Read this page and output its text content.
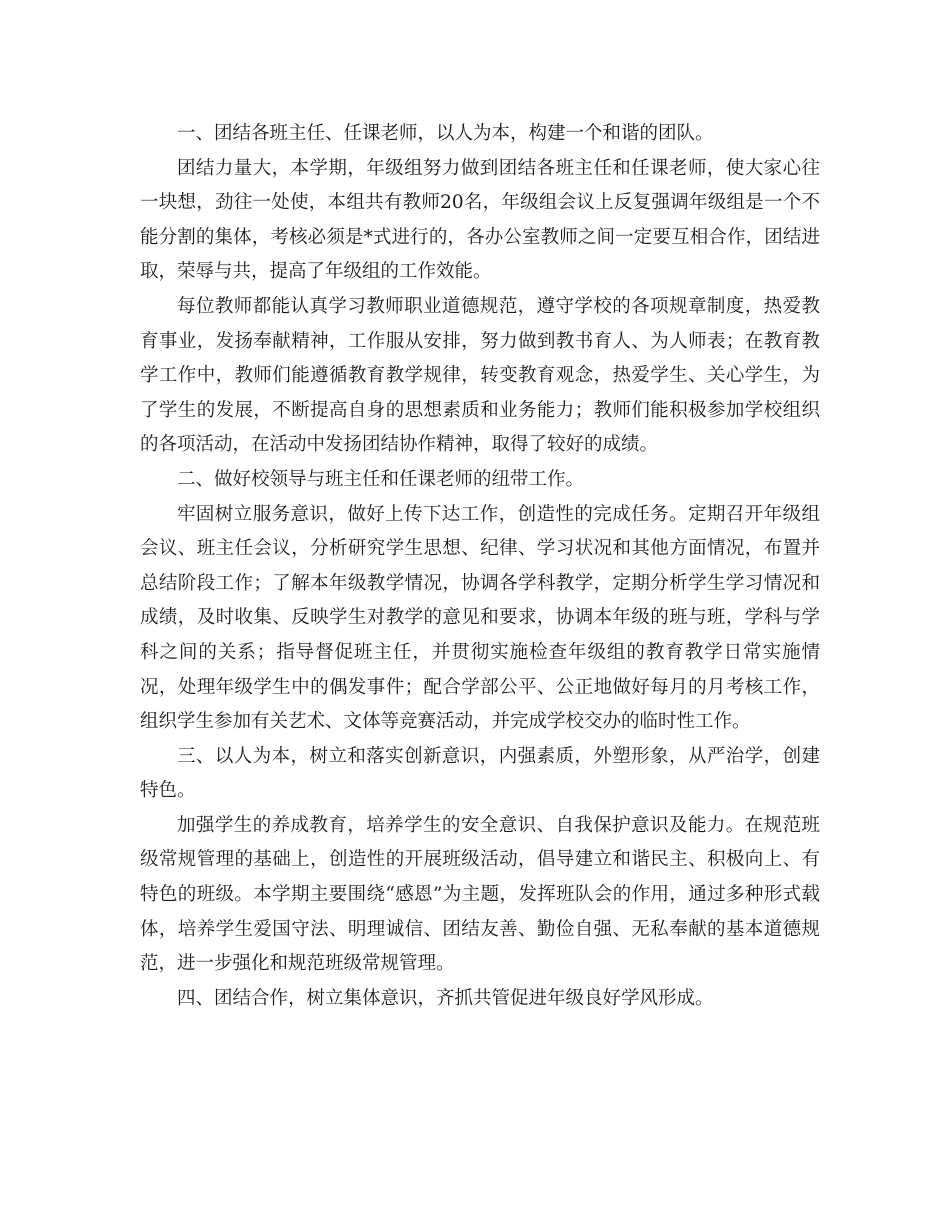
一、团结各班主任、任课老师，以人为本，构建一个和谐的团队。

团结力量大，本学期，年级组努力做到团结各班主任和任课老师，使大家心往一块想，劲往一处使，本组共有教师20名，年级组会议上反复强调年级组是一个不能分割的集体，考核必须是*式进行的，各办公室教师之间一定要互相合作，团结进取，荣辱与共，提高了年级组的工作效能。

每位教师都能认真学习教师职业道德规范，遵守学校的各项规章制度，热爱教育事业，发扬奉献精神，工作服从安排，努力做到教书育人、为人师表；在教育教学工作中，教师们能遵循教育教学规律，转变教育观念，热爱学生、关心学生，为了学生的发展，不断提高自身的思想素质和业务能力；教师们能积极参加学校组织的各项活动，在活动中发扬团结协作精神，取得了较好的成绩。

二、做好校领导与班主任和任课老师的纽带工作。

牢固树立服务意识，做好上传下达工作，创造性的完成任务。定期召开年级组会议、班主任会议，分析研究学生思想、纪律、学习状况和其他方面情况，布置并总结阶段工作；了解本年级教学情况，协调各学科教学，定期分析学生学习情况和成绩，及时收集、反映学生对教学的意见和要求，协调本年级的班与班，学科与学科之间的关系；指导督促班主任，并贯彻实施检查年级组的教育教学日常实施情况，处理年级学生中的偶发事件；配合学部公平、公正地做好每月的月考核工作，组织学生参加有关艺术、文体等竞赛活动，并完成学校交办的临时性工作。

三、以人为本，树立和落实创新意识，内强素质，外塑形象，从严治学，创建特色。

加强学生的养成教育，培养学生的安全意识、自我保护意识及能力。在规范班级常规管理的基础上，创造性的开展班级活动，倡导建立和谐民主、积极向上、有特色的班级。本学期主要围绕“感恩”为主题，发挥班队会的作用，通过多种形式载体，培养学生爱国守法、明理诚信、团结友善、勤俭自强、无私奉献的基本道德规范，进一步强化和规范班级常规管理。

四、团结合作，树立集体意识，齐抓共管促进年级良好学风形成。
